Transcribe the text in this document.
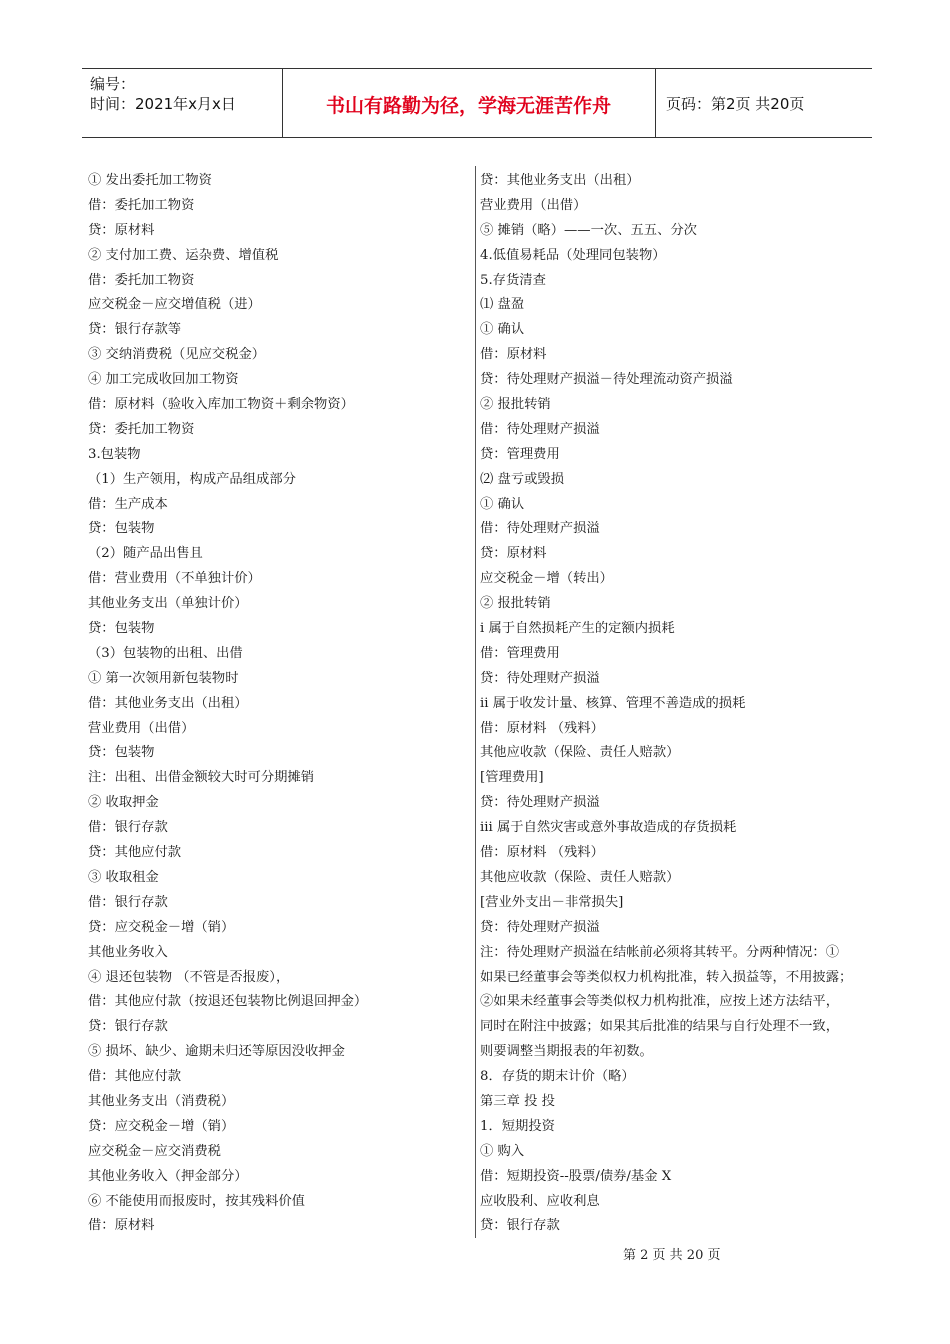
编号：
时间：2021年x月x日	书山有路勤为径，学海无涯苦作舟	页码：第2页 共20页
① 发出委托加工物资
借：委托加工物资
贷：原材料
② 支付加工费、运杂费、增值税
借：委托加工物资
应交税金－应交增值税（进）
贷：银行存款等
③ 交纳消费税（见应交税金）
④ 加工完成收回加工物资
借：原材料（验收入库加工物资＋剩余物资）
贷：委托加工物资
3.包装物
（1）生产领用，构成产品组成部分
借：生产成本
贷：包装物
（2）随产品出售且
借：营业费用（不单独计价）
其他业务支出（单独计价）
贷：包装物
（3）包装物的出租、出借
① 第一次领用新包装物时
借：其他业务支出（出租）
营业费用（出借）
贷：包装物
注：出租、出借金额较大时可分期摊销
② 收取押金
借：银行存款
贷：其他应付款
③ 收取租金
借：银行存款
贷：应交税金－增（销）
其他业务收入
④ 退还包装物 （不管是否报废），
借：其他应付款（按退还包装物比例退回押金）
贷：银行存款
⑤ 损坏、缺少、逾期未归还等原因没收押金
借：其他应付款
其他业务支出（消费税）
贷：应交税金－增（销）
应交税金－应交消费税
其他业务收入（押金部分）
⑥ 不能使用而报废时，按其残料价值
借：原材料
贷：其他业务支出（出租）
营业费用（出借）
⑤ 摊销（略）——一次、五五、分次
4.低值易耗品（处理同包装物）
5.存货清查
⑴ 盘盈
① 确认
借：原材料
贷：待处理财产损溢－待处理流动资产损溢
② 报批转销
借：待处理财产损溢
贷：管理费用
⑵ 盘亏或毁损
① 确认
借：待处理财产损溢
贷：原材料
应交税金－增（转出）
② 报批转销
i 属于自然损耗产生的定额内损耗
借：管理费用
贷：待处理财产损溢
ii 属于收发计量、核算、管理不善造成的损耗
借：原材料 （残料）
其他应收款（保险、责任人赔款）
[管理费用]
贷：待处理财产损溢
iii 属于自然灾害或意外事故造成的存货损耗
借：原材料 （残料）
其他应收款（保险、责任人赔款）
[营业外支出－非常损失]
贷：待处理财产损溢
注：待处理财产损溢在结帐前必须将其转平。分两种情况：①
如果已经董事会等类似权力机构批准，转入损益等，不用披露；
②如果未经董事会等类似权力机构批准，应按上述方法结平，
同时在附注中披露；如果其后批准的结果与自行处理不一致，
则要调整当期报表的年初数。
8．存货的期末计价（略）
第三章 投 投
1．短期投资
① 购入
借：短期投资--股票/债券/基金 X
应收股利、应收利息
贷：银行存款
第 2 页 共 20 页
